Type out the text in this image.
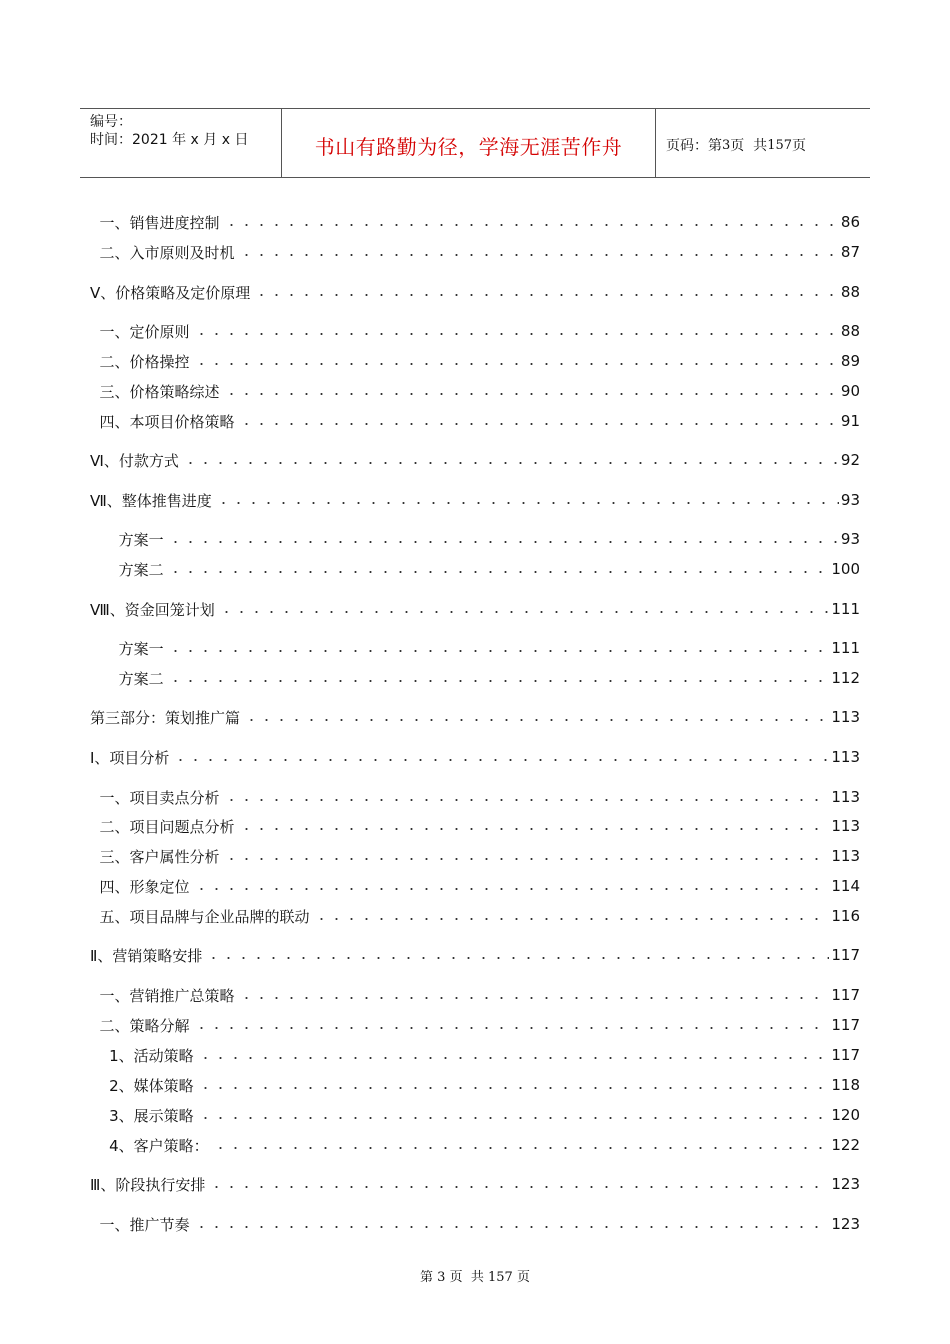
编号：
时间：2021 年 x 月 x 日	书山有路勤为径，学海无涯苦作舟	页码：第 3 页  共 157 页
一、销售进度控制	86
二、入市原则及时机	87
Ⅴ、价格策略及定价原理	88
一、定价原则	88
二、价格操控	89
三、价格策略综述	90
四、本项目价格策略	91
Ⅵ、付款方式	92
Ⅶ、整体推售进度	93
方案一	93
方案二	100
Ⅷ、资金回笼计划	111
方案一	111
方案二	112
第三部分：策划推广篇	113
Ⅰ、项目分析	113
一、项目卖点分析	113
二、项目问题点分析	113
三、客户属性分析	113
四、形象定位	114
五、项目品牌与企业品牌的联动	116
Ⅱ、营销策略安排	117
一、营销推广总策略	117
二、策略分解	117
1、活动策略	117
2、媒体策略	118
3、展示策略	120
4、客户策略：	122
Ⅲ、阶段执行安排	123
一、推广节奏	123
第 3 页  共 157 页
